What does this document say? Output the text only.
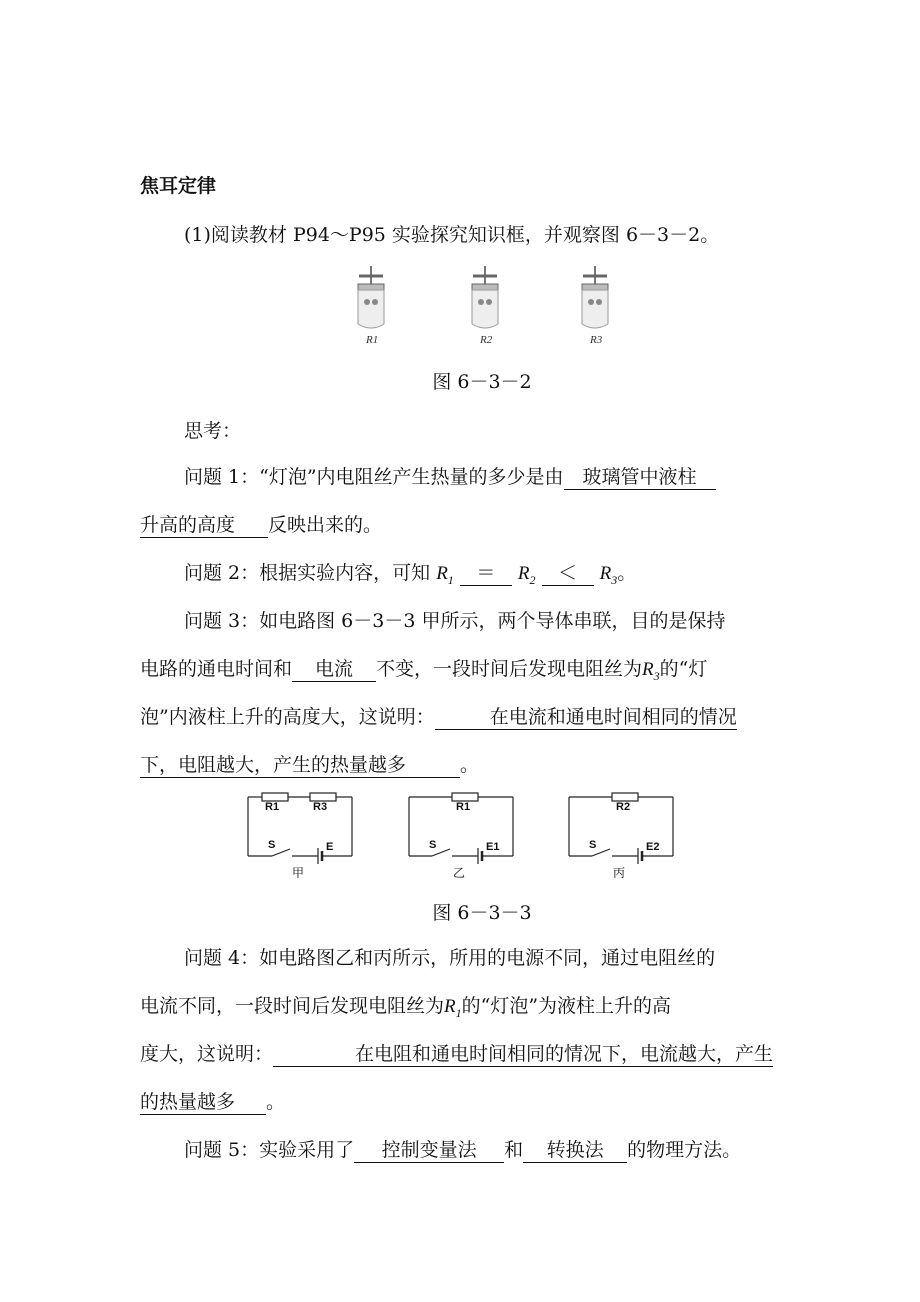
焦耳定律
(1)阅读教材 P94～P95 实验探究知识框，并观察图 6－3－2。
R1	R2	R3
图 6－3－2
思考：
问题 1：“灯泡”内电阻丝产生热量的多少是由 玻璃管中液柱
升高的高度 反映出来的。
问题 2：根据实验内容，可知 $R_1 = R_2 < R_3$。
问题 3：如电路图 6－3－3 甲所示，两个导体串联，目的是保持
电路的通电时间和 电流 不变，一段时间后发现电阻丝为$R_3$的“灯
泡”内液柱上升的高度大，这说明：	在电流和通电时间相同的情况
下，电阻越大，产生的热量越多	。
R1	R3
S	E
甲
R1
S	E1
乙
R2
S	E2
丙
图 6－3－3
问题 4：如电路图乙和丙所示，所用的电源不同，通过电阻丝的
电流不同，一段时间后发现电阻丝为$R_1$的“灯泡”为液柱上升的高
度大，这说明：	在电阻和通电时间相同的情况下，电流越大，产生
的热量越多 。
问题 5：实验采用了 控制变量法 和 转换法 的物理方法。
